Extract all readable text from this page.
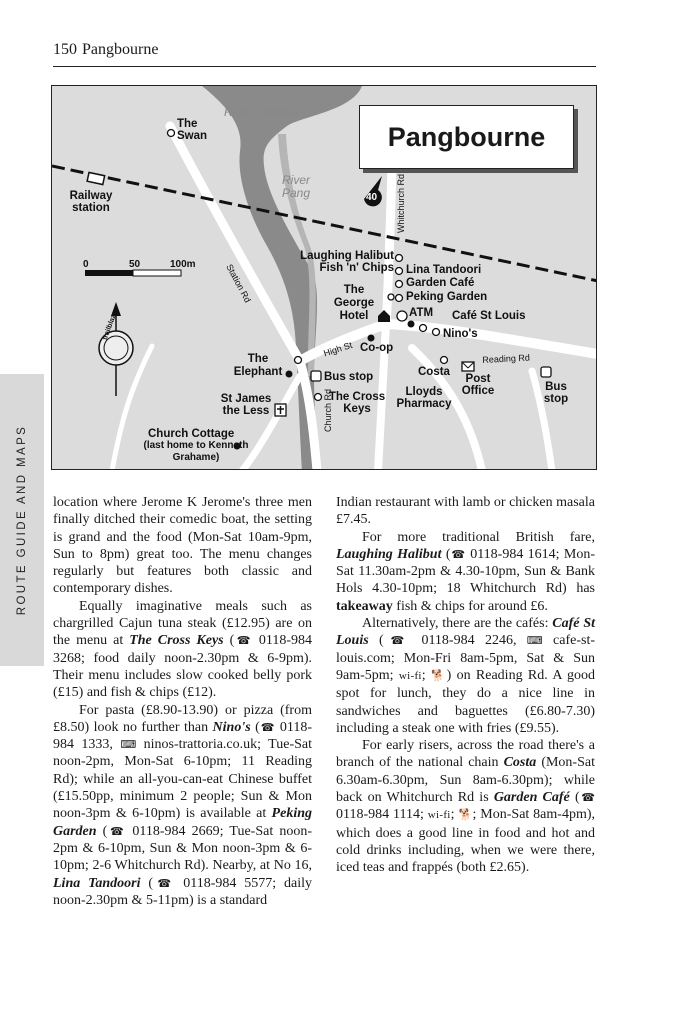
150 Pangbourne
ROUTE GUIDE AND MAPS
Pangbourne
River Thames
River Pang
The Swan
Railway station
0	50	100m
40
trailblazer
Station Rd
Whitchurch Rd
High St
Church Rd
Reading Rd
Laughing Halibut Fish 'n' Chips Lina Tandoori
Garden Café
Peking Garden
The George Hotel	ATM Café St Louis
Nino's
Co-op
The Elephant	Bus stop	Costa
Post Office	Bus stop
Lloyds Pharmacy
St James the Less
The Cross Keys
Church Cottage
(last home to Kenneth Grahame)

location where Jerome K Jerome's three men finally ditched their comedic boat, the setting is grand and the food (Mon-Sat 10am-9pm, Sun to 8pm) great too. The menu changes regularly but features both classic and contemporary dishes.

Equally imaginative meals such as chargrilled Cajun tuna steak (£12.95) are on the menu at The Cross Keys (☎ 0118-984 3268; food daily noon-2.30pm & 6-9pm). Their menu includes slow cooked belly pork (£15) and fish & chips (£12).

For pasta (£8.90-13.90) or pizza (from £8.50) look no further than Nino's (☎ 0118-984 1333, ⌨ ninos-trattoria.co.uk; Tue-Sat noon-2pm, Mon-Sat 6-10pm; 11 Reading Rd); while an all-you-can-eat Chinese buffet (£15.50pp, minimum 2 people; Sun & Mon noon-3pm & 6-10pm) is available at Peking Garden (☎ 0118-984 2669; Tue-Sat noon-2pm & 6-10pm, Sun & Mon noon-3pm & 6-10pm; 2-6 Whitchurch Rd). Nearby, at No 16, Lina Tandoori (☎ 0118-984 5577; daily noon-2.30pm & 5-11pm) is a standard

Indian restaurant with lamb or chicken masala £7.45.

For more traditional British fare, Laughing Halibut (☎ 0118-984 1614; Mon-Sat 11.30am-2pm & 4.30-10pm, Sun & Bank Hols 4.30-10pm; 18 Whitchurch Rd) has takeaway fish & chips for around £6.

Alternatively, there are the cafés: Café St Louis (☎ 0118-984 2246, ⌨ cafe-st-louis.com; Mon-Fri 8am-5pm, Sat & Sun 9am-5pm; wi-fi; 🐕) on Reading Rd. A good spot for lunch, they do a nice line in sandwiches and baguettes (£6.80-7.30) including a steak one with fries (£9.55).

For early risers, across the road there's a branch of the national chain Costa (Mon-Sat 6.30am-6.30pm, Sun 8am-6.30pm); while back on Whitchurch Rd is Garden Café (☎ 0118-984 1114; wi-fi; 🐕; Mon-Sat 8am-4pm), which does a good line in food and hot and cold drinks including, when we were there, iced teas and frappés (both £2.65).
